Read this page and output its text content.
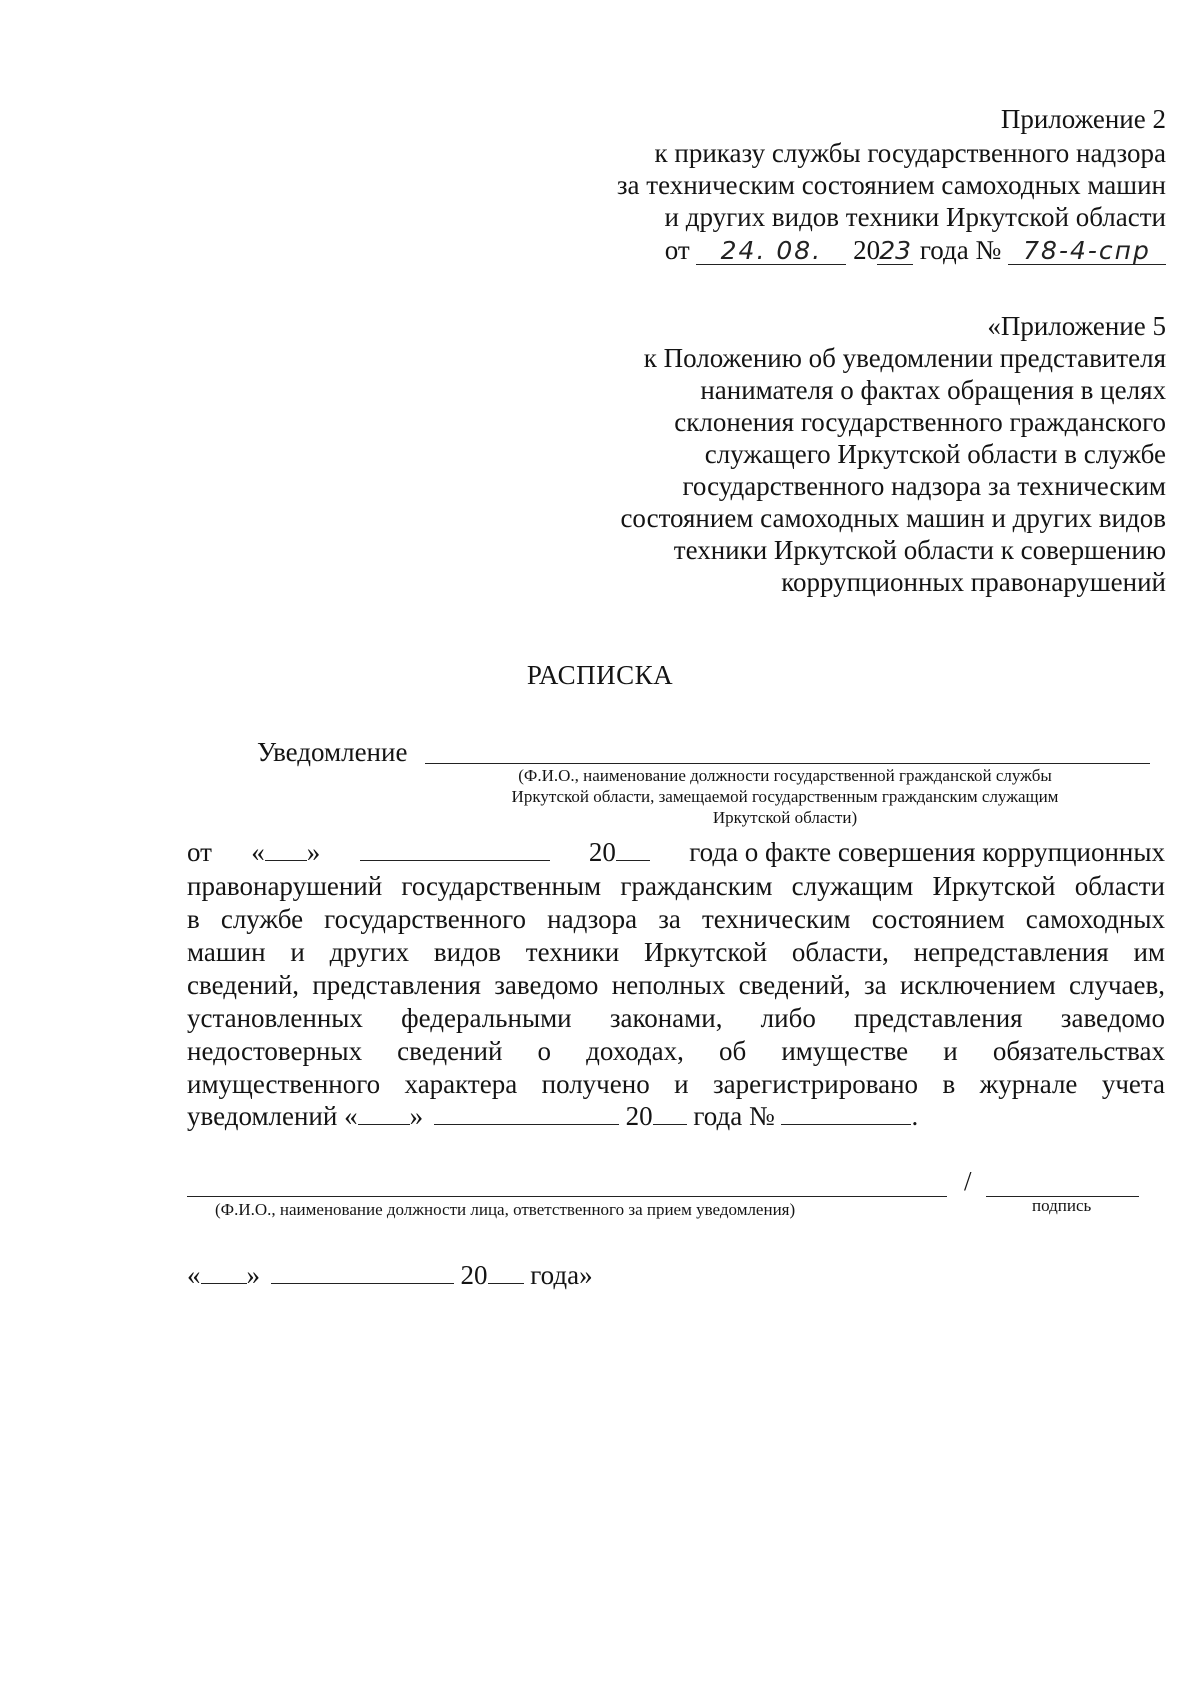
Приложение 2
к приказу службы государственного надзора
за техническим состоянием самоходных машин
и других видов техники Иркутской области
от 24. 08. 2023 года № 78-4-спр
«Приложение 5
к Положению об уведомлении представителя
нанимателя о фактах обращения в целях
склонения государственного гражданского
служащего Иркутской области в службе
государственного надзора за техническим
состоянием самоходных машин и других видов
техники Иркутской области к совершению
коррупционных правонарушений
РАСПИСКА
Уведомление
(Ф.И.О., наименование должности государственной гражданской службы
Иркутской области, замещаемой государственным гражданским служащим
Иркутской области)
от « »	20	года о факте совершения коррупционных
правонарушений государственным гражданским служащим Иркутской области
в службе государственного надзора за техническим состоянием самоходных
машин и других видов техники Иркутской области, непредставления им
сведений, представления заведомо неполных сведений, за исключением случаев,
установленных федеральными законами, либо представления заведомо
недостоверных сведений о доходах, об имуществе и обязательствах
имущественного характера получено и зарегистрировано в журнале учета
уведомлений « »	20 года №	.
/
(Ф.И.О., наименование должности лица, ответственного за прием уведомления)	подпись
« »	20 года»
